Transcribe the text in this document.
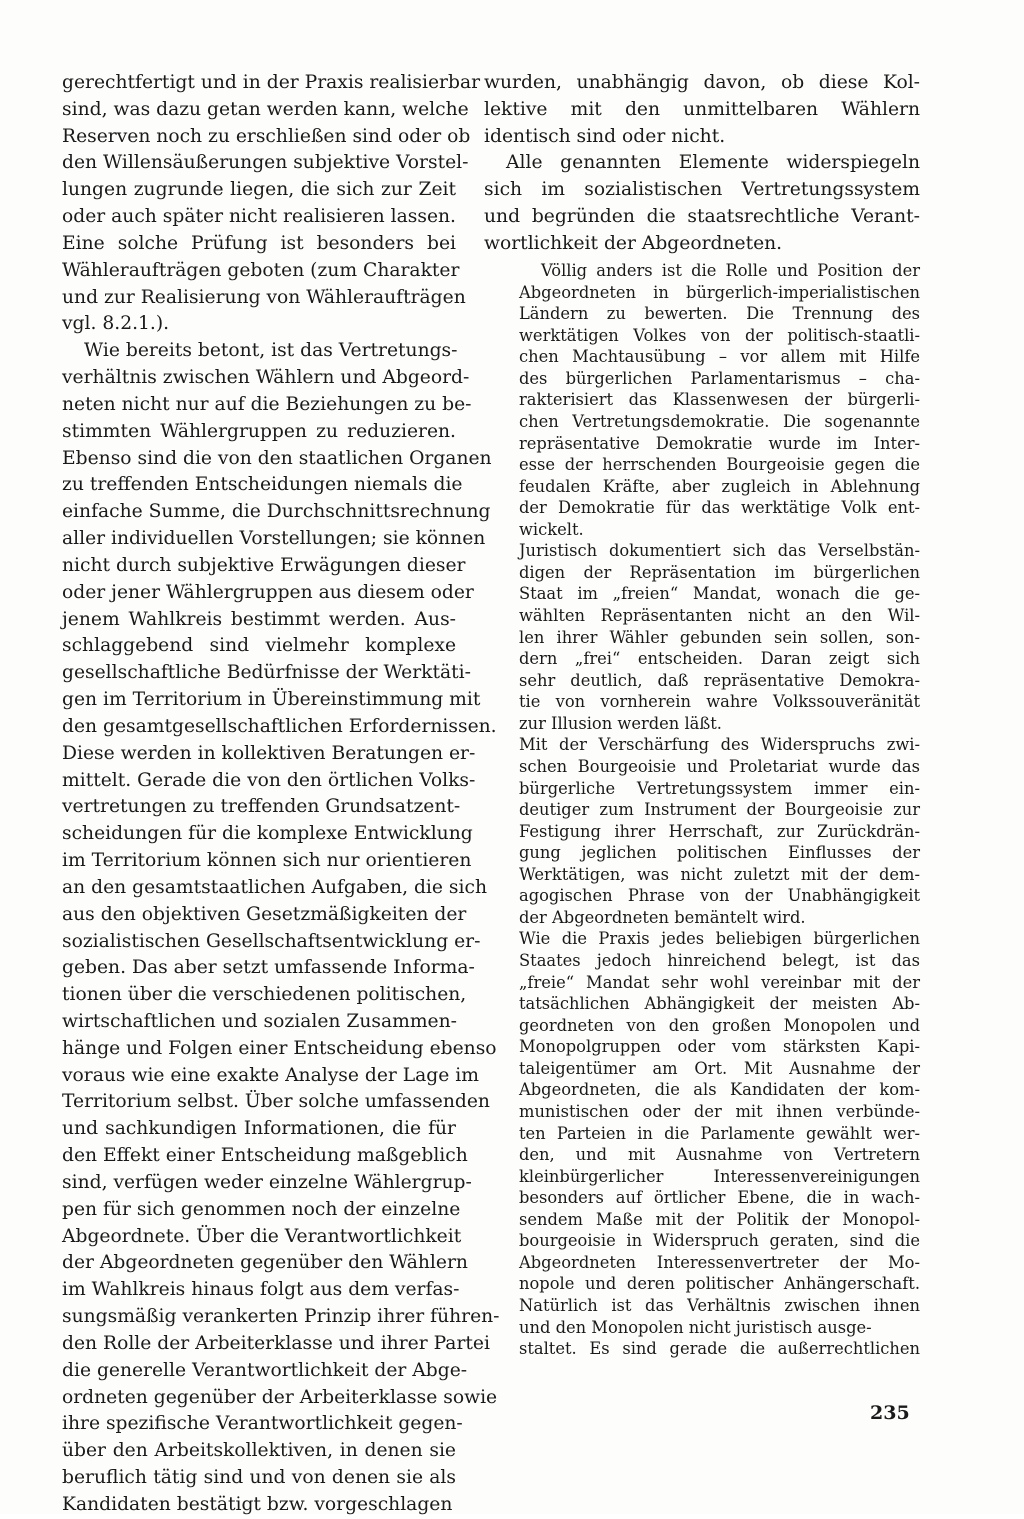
gerechtfertigt und in der Praxis realisierbar
sind, was dazu getan werden kann, welche
Reserven noch zu erschließen sind oder ob
den Willensäußerungen subjektive Vorstel-
lungen zugrunde liegen, die sich zur Zeit
oder auch später nicht realisieren lassen.
Eine solche Prüfung ist besonders bei
Wähleraufträgen geboten (zum Charakter
und zur Realisierung von Wähleraufträgen
vgl. 8.2.1.).
Wie bereits betont, ist das Vertretungs-
verhältnis zwischen Wählern und Abgeord-
neten nicht nur auf die Beziehungen zu be-
stimmten Wählergruppen zu reduzieren.
Ebenso sind die von den staatlichen Organen
zu treffenden Entscheidungen niemals die
einfache Summe, die Durchschnittsrechnung
aller individuellen Vorstellungen; sie können
nicht durch subjektive Erwägungen dieser
oder jener Wählergruppen aus diesem oder
jenem Wahlkreis bestimmt werden. Aus-
schlaggebend sind vielmehr komplexe
gesellschaftliche Bedürfnisse der Werktäti-
gen im Territorium in Übereinstimmung mit
den gesamtgesellschaftlichen Erfordernissen.
Diese werden in kollektiven Beratungen er-
mittelt. Gerade die von den örtlichen Volks-
vertretungen zu treffenden Grundsatzent-
scheidungen für die komplexe Entwicklung
im Territorium können sich nur orientieren
an den gesamtstaatlichen Aufgaben, die sich
aus den objektiven Gesetzmäßigkeiten der
sozialistischen Gesellschaftsentwicklung er-
geben. Das aber setzt umfassende Informa-
tionen über die verschiedenen politischen,
wirtschaftlichen und sozialen Zusammen-
hänge und Folgen einer Entscheidung ebenso
voraus wie eine exakte Analyse der Lage im
Territorium selbst. Über solche umfassenden
und sachkundigen Informationen, die für
den Effekt einer Entscheidung maßgeblich
sind, verfügen weder einzelne Wählergrup-
pen für sich genommen noch der einzelne
Abgeordnete. Über die Verantwortlichkeit
der Abgeordneten gegenüber den Wählern
im Wahlkreis hinaus folgt aus dem verfas-
sungsmäßig verankerten Prinzip ihrer führen-
den Rolle der Arbeiterklasse und ihrer Partei
die generelle Verantwortlichkeit der Abge-
ordneten gegenüber der Arbeiterklasse sowie
ihre spezifische Verantwortlichkeit gegen-
über den Arbeitskollektiven, in denen sie
beruflich tätig sind und von denen sie als
Kandidaten bestätigt bzw. vorgeschlagen
wurden, unabhängig davon, ob diese Kol-
lektive mit den unmittelbaren Wählern
identisch sind oder nicht.
Alle genannten Elemente widerspiegeln
sich im sozialistischen Vertretungssystem
und begründen die staatsrechtliche Verant-
wortlichkeit der Abgeordneten.
Völlig anders ist die Rolle und Position der
Abgeordneten in bürgerlich-imperialistischen
Ländern zu bewerten. Die Trennung des
werktätigen Volkes von der politisch-staatli-
chen Machtausübung – vor allem mit Hilfe
des bürgerlichen Parlamentarismus – cha-
rakterisiert das Klassenwesen der bürgerli-
chen Vertretungsdemokratie. Die sogenannte
repräsentative Demokratie wurde im Inter-
esse der herrschenden Bourgeoisie gegen die
feudalen Kräfte, aber zugleich in Ablehnung
der Demokratie für das werktätige Volk ent-
wickelt.
Juristisch dokumentiert sich das Verselbstän-
digen der Repräsentation im bürgerlichen
Staat im „freien“ Mandat, wonach die ge-
wählten Repräsentanten nicht an den Wil-
len ihrer Wähler gebunden sein sollen, son-
dern „frei“ entscheiden. Daran zeigt sich
sehr deutlich, daß repräsentative Demokra-
tie von vornherein wahre Volkssouveränität
zur Illusion werden läßt.
Mit der Verschärfung des Widerspruchs zwi-
schen Bourgeoisie und Proletariat wurde das
bürgerliche Vertretungssystem immer ein-
deutiger zum Instrument der Bourgeoisie zur
Festigung ihrer Herrschaft, zur Zurückdrän-
gung jeglichen politischen Einflusses der
Werktätigen, was nicht zuletzt mit der dem-
agogischen Phrase von der Unabhängigkeit
der Abgeordneten bemäntelt wird.
Wie die Praxis jedes beliebigen bürgerlichen
Staates jedoch hinreichend belegt, ist das
„freie“ Mandat sehr wohl vereinbar mit der
tatsächlichen Abhängigkeit der meisten Ab-
geordneten von den großen Monopolen und
Monopolgruppen oder vom stärksten Kapi-
taleigentümer am Ort. Mit Ausnahme der
Abgeordneten, die als Kandidaten der kom-
munistischen oder der mit ihnen verbünde-
ten Parteien in die Parlamente gewählt wer-
den, und mit Ausnahme von Vertretern
kleinbürgerlicher Interessenvereinigungen
besonders auf örtlicher Ebene, die in wach-
sendem Maße mit der Politik der Monopol-
bourgeoisie in Widerspruch geraten, sind die
Abgeordneten Interessenvertreter der Mo-
nopole und deren politischer Anhängerschaft.
Natürlich ist das Verhältnis zwischen ihnen
und den Monopolen nicht juristisch ausge-
staltet. Es sind gerade die außerrechtlichen
235
